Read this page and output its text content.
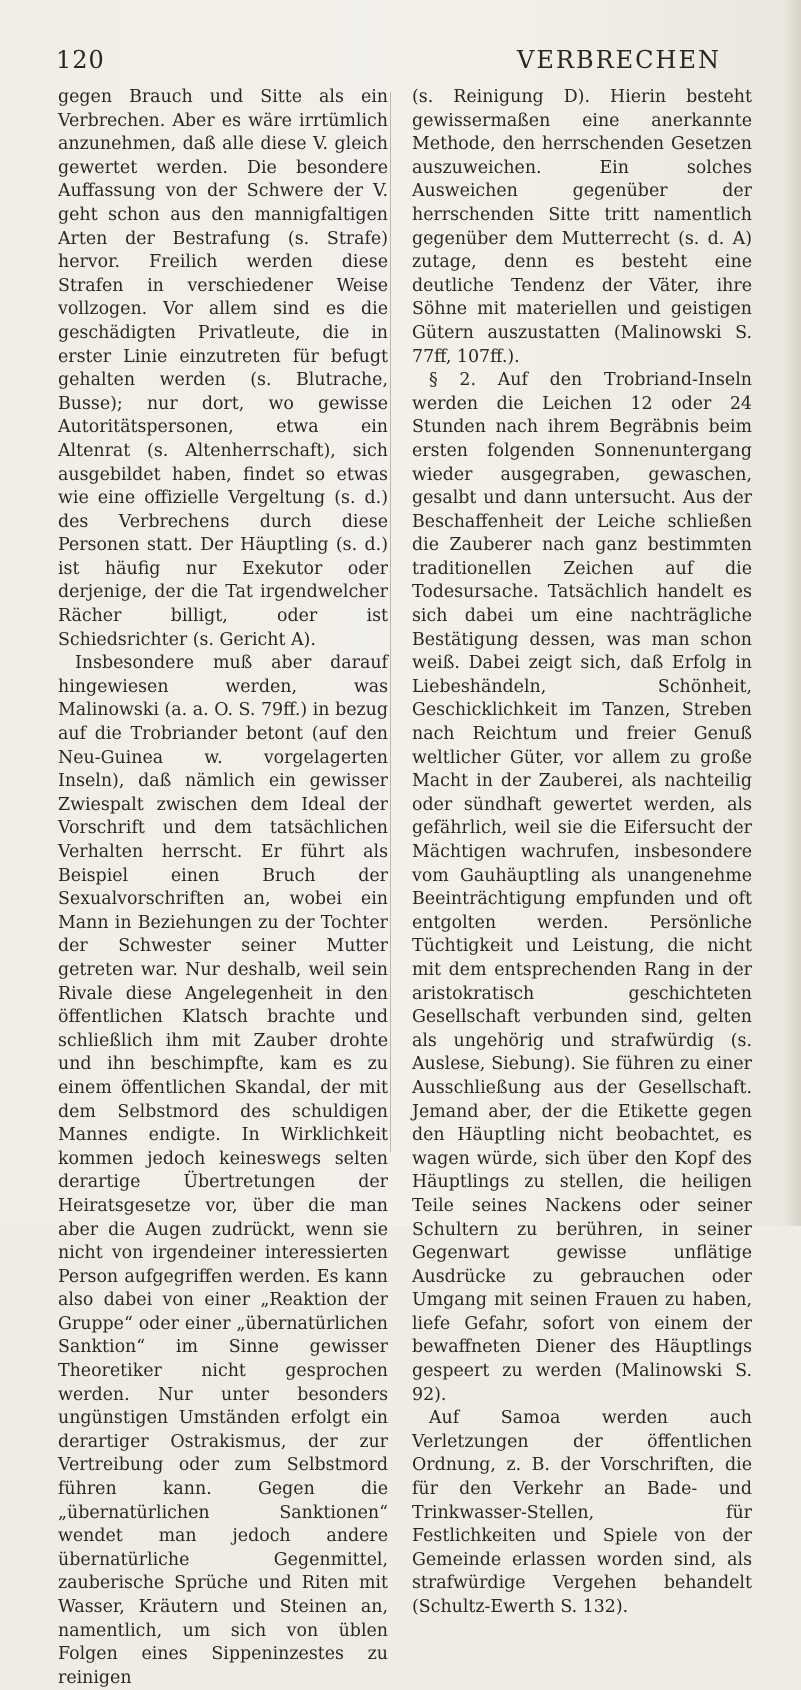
120	VERBRECHEN

gegen Brauch und Sitte als ein Verbrechen. Aber es wäre irrtümlich anzunehmen, daß alle diese V. gleich gewertet werden. Die besondere Auffassung von der Schwere der V. geht schon aus den mannigfaltigen Arten der Bestrafung (s. Strafe) hervor. Freilich werden diese Strafen in verschiedener Weise vollzogen. Vor allem sind es die geschädigten Privatleute, die in erster Linie einzutreten für befugt gehalten werden (s. Blutrache, Busse); nur dort, wo gewisse Autoritätspersonen, etwa ein Altenrat (s. Altenherrschaft), sich ausgebildet haben, findet so etwas wie eine offizielle Vergeltung (s. d.) des Verbrechens durch diese Personen statt. Der Häuptling (s. d.) ist häufig nur Exekutor oder derjenige, der die Tat irgendwelcher Rächer billigt, oder ist Schiedsrichter (s. Gericht A).

Insbesondere muß aber darauf hingewiesen werden, was Malinowski (a. a. O. S. 79ff.) in bezug auf die Trobriander betont (auf den Neu-Guinea w. vorgelagerten Inseln), daß nämlich ein gewisser Zwiespalt zwischen dem Ideal der Vorschrift und dem tatsächlichen Verhalten herrscht. Er führt als Beispiel einen Bruch der Sexualvorschriften an, wobei ein Mann in Beziehungen zu der Tochter der Schwester seiner Mutter getreten war. Nur deshalb, weil sein Rivale diese Angelegenheit in den öffentlichen Klatsch brachte und schließlich ihm mit Zauber drohte und ihn beschimpfte, kam es zu einem öffentlichen Skandal, der mit dem Selbstmord des schuldigen Mannes endigte. In Wirklichkeit kommen jedoch keineswegs selten derartige Übertretungen der Heiratsgesetze vor, über die man aber die Augen zudrückt, wenn sie nicht von irgendeiner interessierten Person aufgegriffen werden. Es kann also dabei von einer „Reaktion der Gruppe“ oder einer „übernatürlichen Sanktion“ im Sinne gewisser Theoretiker nicht gesprochen werden. Nur unter besonders ungünstigen Umständen erfolgt ein derartiger Ostrakismus, der zur Vertreibung oder zum Selbstmord führen kann. Gegen die „übernatürlichen Sanktionen“ wendet man jedoch andere übernatürliche Gegenmittel, zauberische Sprüche und Riten mit Wasser, Kräutern und Steinen an, namentlich, um sich von üblen Folgen eines Sippeninzestes zu reinigen

(s. Reinigung D). Hierin besteht gewissermaßen eine anerkannte Methode, den herrschenden Gesetzen auszuweichen. Ein solches Ausweichen gegenüber der herrschenden Sitte tritt namentlich gegenüber dem Mutterrecht (s. d. A) zutage, denn es besteht eine deutliche Tendenz der Väter, ihre Söhne mit materiellen und geistigen Gütern auszustatten (Malinowski S. 77ff, 107ff.).

§ 2. Auf den Trobriand-Inseln werden die Leichen 12 oder 24 Stunden nach ihrem Begräbnis beim ersten folgenden Sonnenuntergang wieder ausgegraben, gewaschen, gesalbt und dann untersucht. Aus der Beschaffenheit der Leiche schließen die Zauberer nach ganz bestimmten traditionellen Zeichen auf die Todesursache. Tatsächlich handelt es sich dabei um eine nachträgliche Bestätigung dessen, was man schon weiß. Dabei zeigt sich, daß Erfolg in Liebeshändeln, Schönheit, Geschicklichkeit im Tanzen, Streben nach Reichtum und freier Genuß weltlicher Güter, vor allem zu große Macht in der Zauberei, als nachteilig oder sündhaft gewertet werden, als gefährlich, weil sie die Eifersucht der Mächtigen wachrufen, insbesondere vom Gauhäuptling als unangenehme Beeinträchtigung empfunden und oft entgolten werden. Persönliche Tüchtigkeit und Leistung, die nicht mit dem entsprechenden Rang in der aristokratisch geschichteten Gesellschaft verbunden sind, gelten als ungehörig und strafwürdig (s. Auslese, Siebung). Sie führen zu einer Ausschließung aus der Gesellschaft. Jemand aber, der die Etikette gegen den Häuptling nicht beobachtet, es wagen würde, sich über den Kopf des Häuptlings zu stellen, die heiligen Teile seines Nackens oder seiner Schultern zu berühren, in seiner Gegenwart gewisse unflätige Ausdrücke zu gebrauchen oder Umgang mit seinen Frauen zu haben, liefe Gefahr, sofort von einem der bewaffneten Diener des Häuptlings gespeert zu werden (Malinowski S. 92).

Auf Samoa werden auch Verletzungen der öffentlichen Ordnung, z. B. der Vorschriften, die für den Verkehr an Bade- und Trinkwasser-Stellen, für Festlichkeiten und Spiele von der Gemeinde erlassen worden sind, als strafwürdige Vergehen behandelt (Schultz-Ewerth S. 132).
